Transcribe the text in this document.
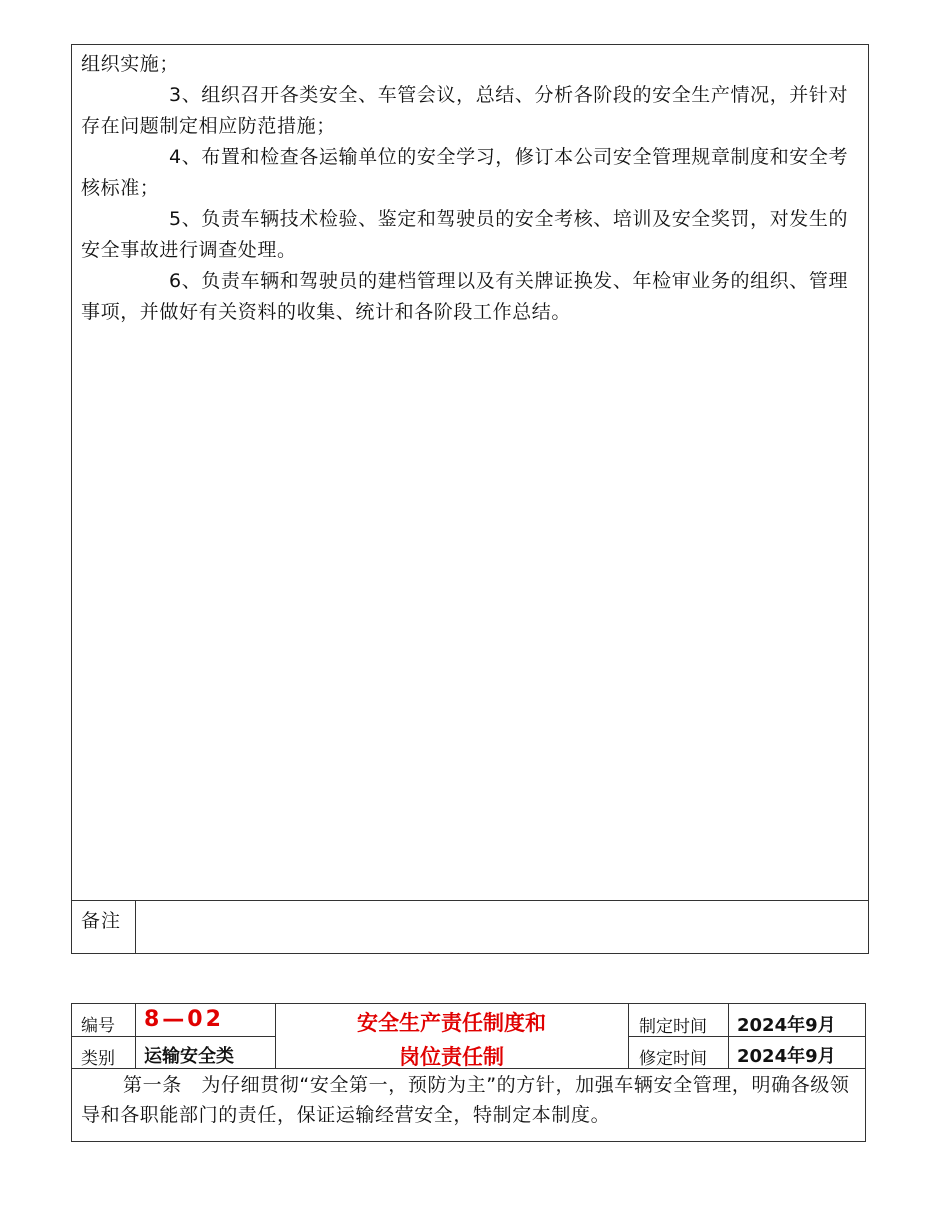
组织实施；

3、组织召开各类安全、车管会议，总结、分析各阶段的安全生产情况，并针对存在问题制定相应防范措施；

4、布置和检查各运输单位的安全学习，修订本公司安全管理规章制度和安全考核标准；

5、负责车辆技术检验、鉴定和驾驶员的安全考核、培训及安全奖罚，对发生的安全事故进行调查处理。

6、负责车辆和驾驶员的建档管理以及有关牌证换发、年检审业务的组织、管理事项，并做好有关资料的收集、统计和各阶段工作总结。

备注
编号 8—02
类别 运输安全类
安全生产责任制度和
岗位责任制
制定时间 2024年9月
修定时间 2024年9月

第一条　为仔细贯彻“安全第一，预防为主”的方针，加强车辆安全管理，明确各级领导和各职能部门的责任，保证运输经营安全，特制定本制度。
